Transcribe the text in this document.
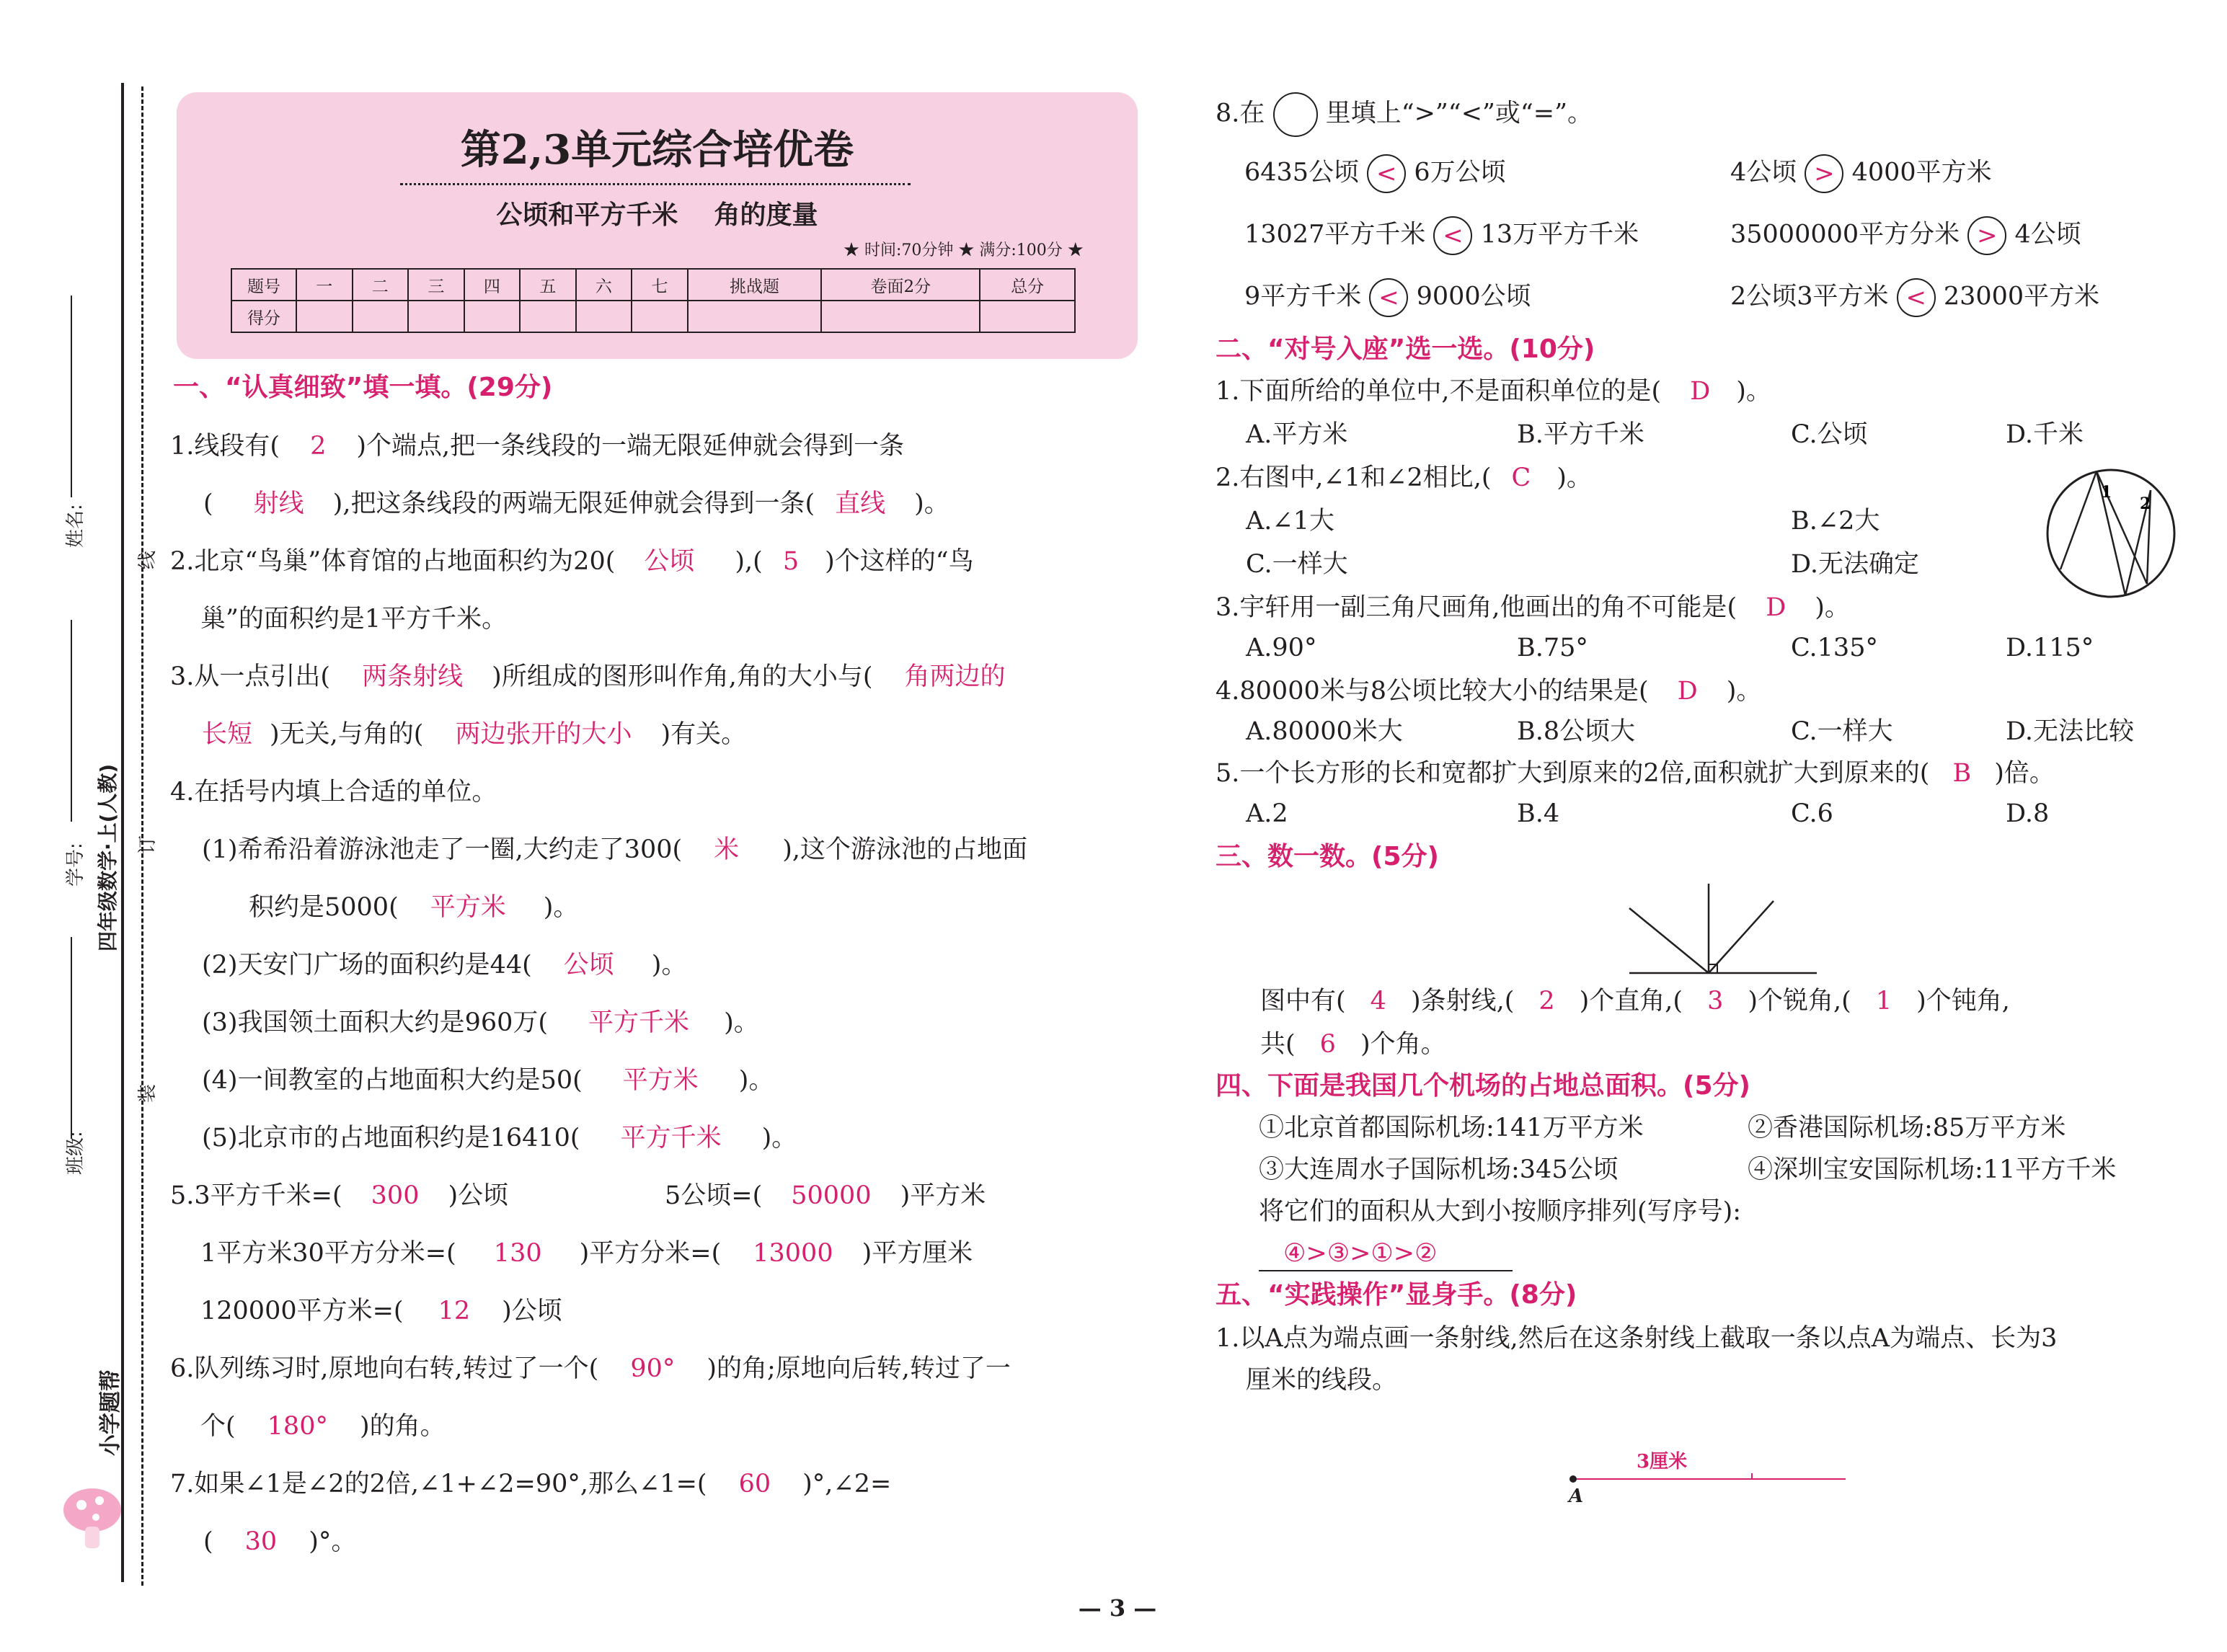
线
订
装
姓名:
学号:
班级:
四年级数学·上(人教)
小学题帮
第2,3单元综合培优卷
公顷和平方千米    角的度量
★ 时间:70分钟 ★ 满分:100分 ★
题号	一	二	三	四	五	六	七	挑战题	卷面2分	总分
得分										
一、“认真细致”填一填。(29分)
1.线段有( 2 )个端点,把一条线段的一端无限延伸就会得到一条
( 射线 ),把这条线段的两端无限延伸就会得到一条( 直线 )。
2.北京“鸟巢”体育馆的占地面积约为20( 公顷 ),( 5 )个这样的“鸟
巢”的面积约是1平方千米。
3.从一点引出( 两条射线 )所组成的图形叫作角,角的大小与( 角两边的
长短 )无关,与角的( 两边张开的大小 )有关。
4.在括号内填上合适的单位。
(1)希希沿着游泳池走了一圈,大约走了300( 米 ),这个游泳池的占地面
积约是5000( 平方米 )。
(2)天安门广场的面积约是44( 公顷 )。
(3)我国领土面积大约是960万( 平方千米 )。
(4)一间教室的占地面积大约是50( 平方米 )。
(5)北京市的占地面积约是16410( 平方千米 )。
5.3平方千米=( 300 )公顷	5公顷=( 50000 )平方米
1平方米30平方分米=( 130 )平方分米=( 13000 )平方厘米
120000平方米=( 12 )公顷
6.队列练习时,原地向右转,转过了一个( 90° )的角;原地向后转,转过了一
个( 180° )的角。
7.如果∠1是∠2的2倍,∠1+∠2=90°,那么∠1=( 60 )°,∠2=
( 30 )°。
8.在 里填上“>”“<”或“=”。
6435公顷 < 6万公顷	4公顷 > 4000平方米
13027平方千米 < 13万平方千米	35000000平方分米 > 4公顷
9平方千米 < 9000公顷	2公顷3平方米 < 23000平方米
二、“对号入座”选一选。(10分)
1.下面所给的单位中,不是面积单位的是( D )。
A.平方米	B.平方千米	C.公顷	D.千米
2.右图中,∠1和∠2相比,( C )。
A.∠1大	B.∠2大
C.一样大	D.无法确定
1
2
3.宇轩用一副三角尺画角,他画出的角不可能是( D )。
A.90°	B.75°	C.135°	D.115°
4.80000米与8公顷比较大小的结果是( D )。
A.80000米大	B.8公顷大	C.一样大	D.无法比较
5.一个长方形的长和宽都扩大到原来的2倍,面积就扩大到原来的( B )倍。
A.2	B.4	C.6	D.8
三、数一数。(5分)
图中有( 4 )条射线,( 2 )个直角,( 3 )个锐角,( 1 )个钝角,
共( 6 )个角。
四、下面是我国几个机场的占地总面积。(5分)
①北京首都国际机场:141万平方米	②香港国际机场:85万平方米
③大连周水子国际机场:345公顷	④深圳宝安国际机场:11平方千米
将它们的面积从大到小按顺序排列(写序号):
④>③>①>②
五、“实践操作”显身手。(8分)
1.以A点为端点画一条射线,然后在这条射线上截取一条以点A为端点、长为3
厘米的线段。
3厘米
A
— 3 —
